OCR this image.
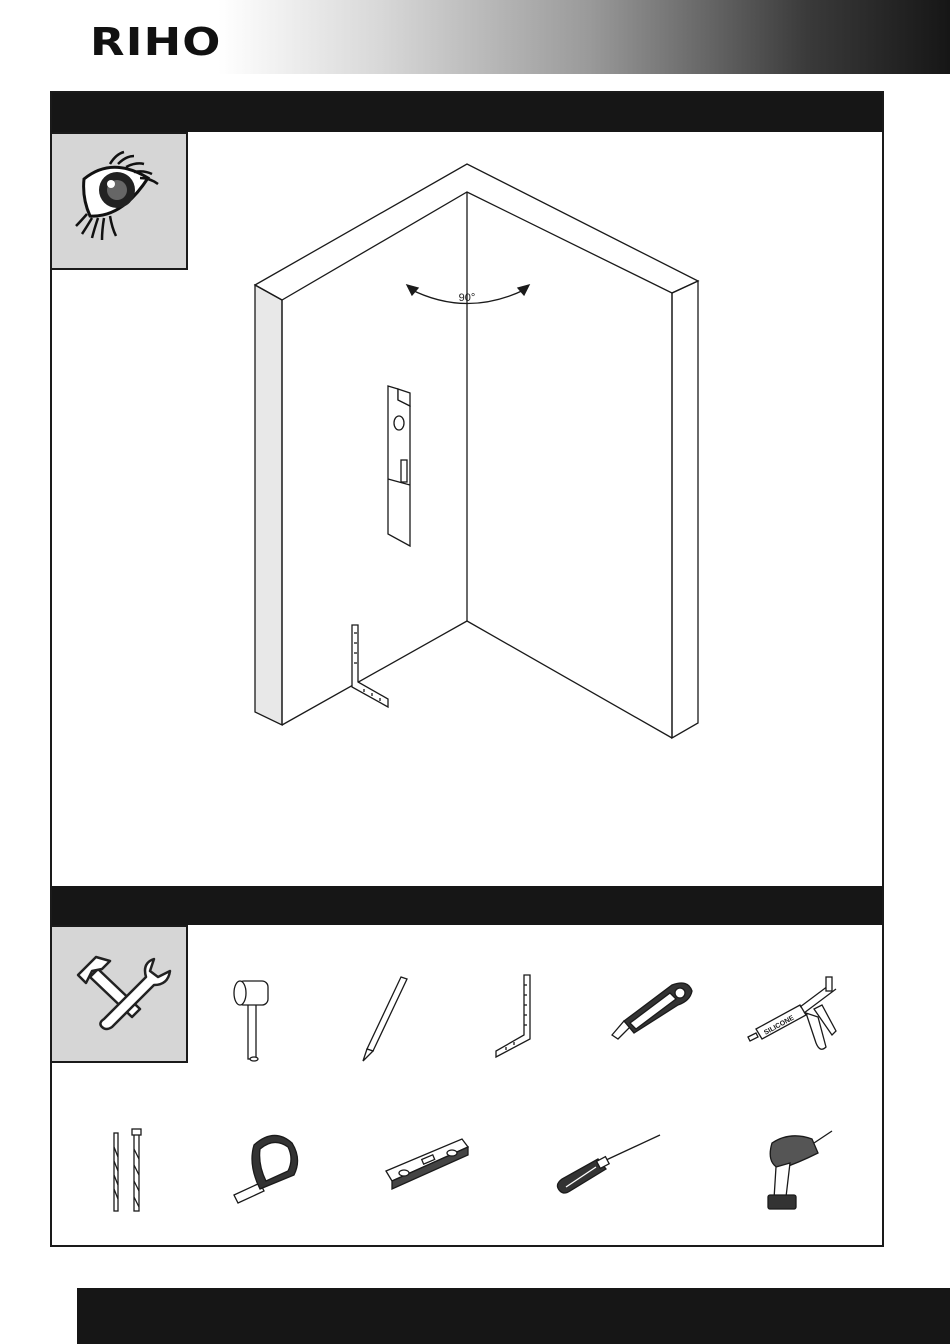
RIHO
90°
SILICONE
